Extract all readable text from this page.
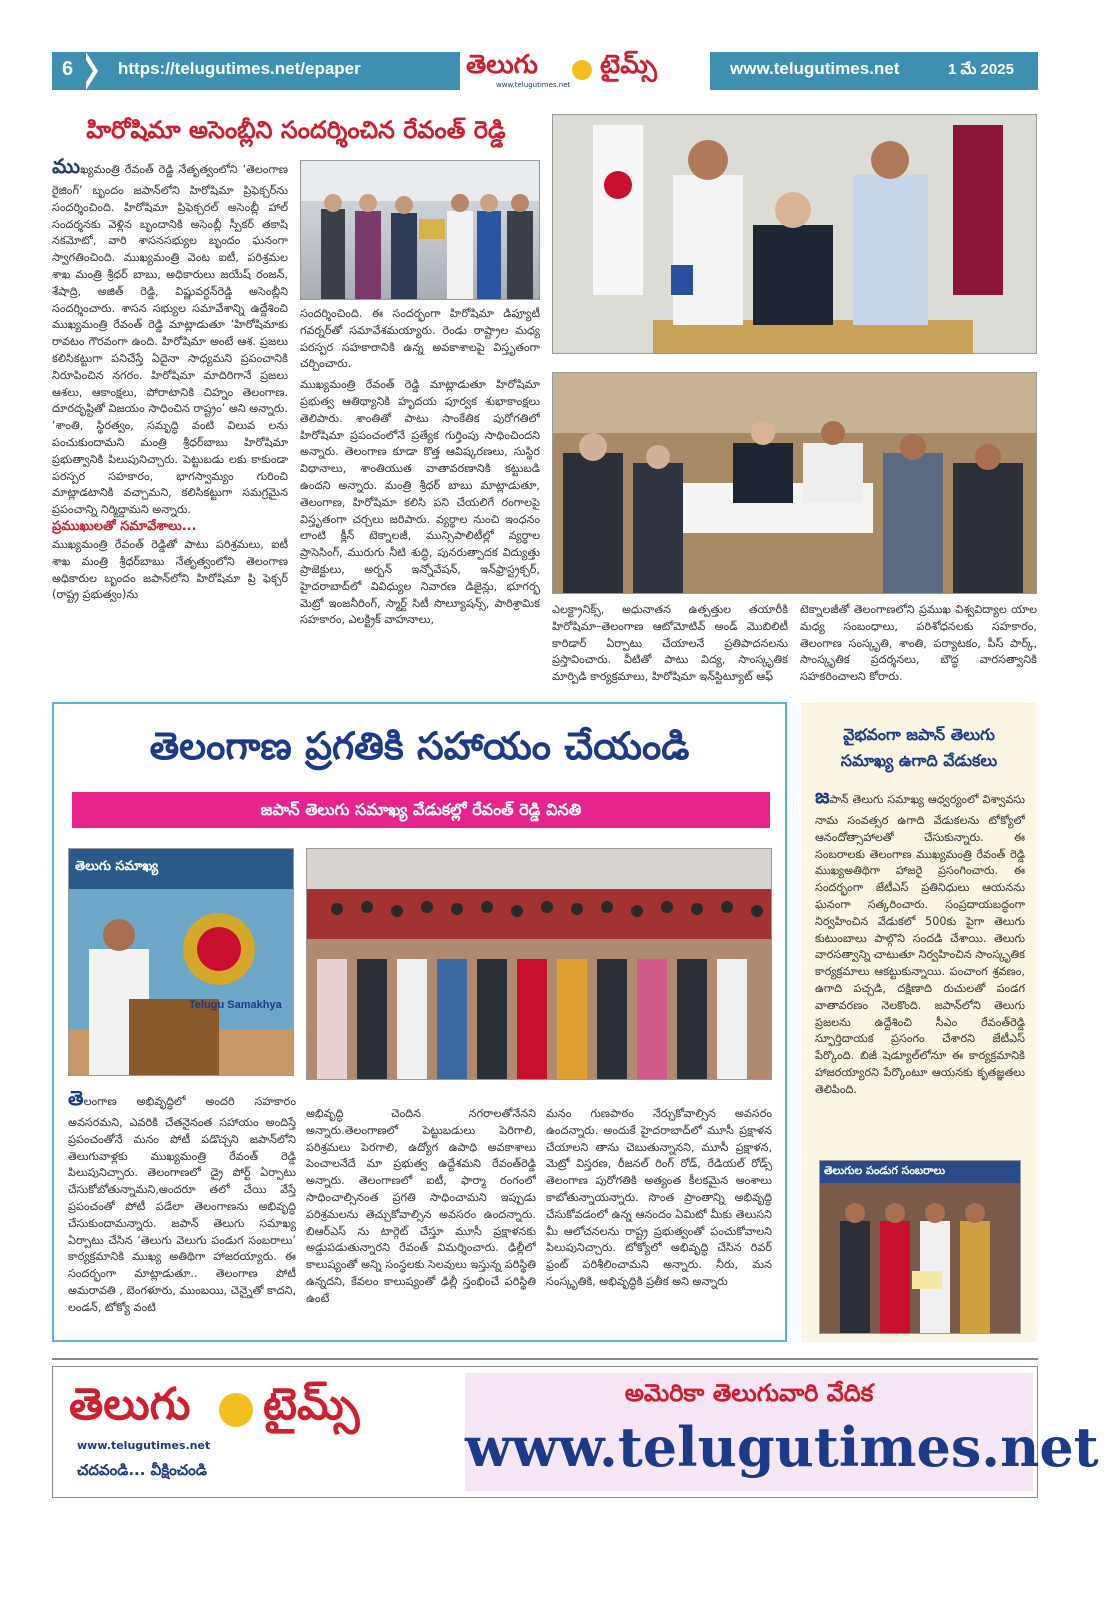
6	https://telugutimes.net/epaper	తెలుగు టైమ్స్
www.telugutimes.net
www.telugutimes.net	1 మే 2025
హిరోషిమా అసెంబ్లీని సందర్శించిన రేవంత్‌ రెడ్డి

ముఖ్యమంత్రి రేవంత్‌ రెడ్డి నేతృత్వంలోని ‘తెలంగాణ రైజింగ్‌’ బృందం జపాన్‌లోని హిరోషిమా ప్రిఫెక్చర్‌ను సందర్శించింది. హిరోషిమా ప్రిఫెక్చరల్‌ అసెంబ్లీ హాల్‌ సందర్శనకు వెళ్లిన బృందానికి అసెంబ్లీ స్పీకర్‌ తకాషి నకమోటో, వారి శాసనసభ్యుల బృందం ఘనంగా స్వాగతించింది. ముఖ్యమంత్రి వెంట ఐటీ, పరిశ్రమల శాఖ మంత్రి శ్రీధర్‌ బాబు, అధికారులు జయేష్‌ రంజన్‌, శేషాద్రి, అజిత్‌ రెడ్డి, విష్ణువర్ధన్‌రెడ్డి అసెంబ్లీని సందర్శించారు. శాసన సభ్యుల సమావేశాన్ని ఉద్దేశించి ముఖ్యమంత్రి రేవంత్‌ రెడ్డి మాట్లాడుతూ ‘హిరోషిమాకు రావటం గౌరవంగా ఉంది. హిరోషిమా అంటే ఆశ. ప్రజలు కలిసికట్టుగా పనిచేస్తే ఏదైనా సాధ్యమని ప్రపంచానికి నిరూపించిన నగరం. హిరోషిమా మాదిరిగానే ప్రజలు ఆశలు, ఆకాంక్షలు, పోరాటానికి చిహ్నం తెలంగాణ. దూరదృష్టితో విజయం సాధించిన రాష్ట్రం’ అని అన్నారు. ‘శాంతి, స్థిరత్వం, సమృద్ధి వంటి విలువ లను పంచుకుందామని మంత్రి శ్రీధర్‌బాబు హిరోషిమా ప్రభుత్వానికి పిలుపునిచ్చారు. పెట్టుబడు లకు కాకుండా పరస్పర సహకారం, భాగస్వామ్యం గురించి మాట్లాడటానికి వచ్చామని, కలిసికట్టుగా సమగ్రమైన ప్రపంచాన్ని నిర్మిద్దామని అన్నారు.

ప్రముఖులతో సమావేశాలు...

ముఖ్యమంత్రి రేవంత్‌ రెడ్డితో పాటు పరిశ్రమలు, ఐటీ శాఖ మంత్రి శ్రీధర్‌బాబు నేతృత్వంలోని తెలంగాణ అధికారుల బృందం జపాన్‌లోని హిరోషిమా ప్రి ఫెక్చర్‌ (రాష్ట్ర ప్రభుత్వం)ను

సందర్శించింది. ఈ సందర్భంగా హిరోషిమా డిప్యూటీ గవర్నర్‌తో సమావేశమయ్యారు. రెండు రాష్ట్రాల మధ్య పరస్పర సహకారానికి ఉన్న అవకాశాలపై విస్తృతంగా చర్చించారు.

ముఖ్యమంత్రి రేవంత్‌ రెడ్డి మాట్లాడుతూ హిరోషిమా ప్రభుత్వ ఆతిథ్యానికి హృదయ పూర్వక శుభాకాంక్షలు తెలిపారు. శాంతితో పాటు సాంకేతిక పురోగతిలో హిరోషిమా ప్రపంచంలోనే ప్రత్యేక గుర్తింపు సాధించిందని అన్నారు. తెలంగాణ కూడా కొత్త ఆవిష్కరణలు, సుస్థిర విధానాలు, శాంతియుత వాతావరణానికి కట్టుబడి ఉందని అన్నారు. మంత్రి శ్రీధర్‌ బాబు మాట్లాడుతూ, తెలంగాణ, హిరోషిమా కలిసి పని చేయలిగే రంగాలపై విస్తృతంగా చర్చలు జరిపారు. వ్యర్థాల నుంచి ఇంధనం లాంటి క్లీన్‌ టెక్నాలజీ, మున్సిపాలిటీల్లో వ్యర్థాల ప్రాసెసింగ్‌, మురుగు నీటి శుద్ధి, పునరుత్పాదక విద్యుత్తు ప్రాజెక్టులు, అర్బన్‌ ఇన్నోవేషన్‌, ఇన్‌ఫ్రాస్ట్రక్చర్‌, హైదరాబాద్‌లో వివిధ్యుల నివారణ డిజైన్లు, భూగర్భ మెట్రో ఇంజనీరింగ్‌, స్మార్ట్‌ సిటీ సొల్యూషన్స్‌, పారిశ్రామిక సహకారం, ఎలక్ట్రిక్‌ వాహనాలు,

ఎలక్ట్రానిక్స్‌, అధునాతన ఉత్పత్తుల తయారీకి హిరోషిమా–తెలంగాణ ఆటోమోటివ్‌ అండ్‌ మొబిలిటీ కారిడార్‌ ఏర్పాటు చేయాలనే ప్రతిపాదనలను ప్రస్తావించారు. వీటితో పాటు విద్య, సాంస్కృతిక మార్పిడి కార్యక్రమాలు, హిరోషిమా ఇన్‌స్టిట్యూట్‌ ఆఫ్‌

టెక్నాలజీతో తెలంగాణలోని ప్రముఖ విశ్వవిద్యాల యాల మధ్య సంబంధాలు, పరిశోధనలకు సహకారం, తెలంగాణ సంస్కృతి, శాంతి, పర్యాటకం, పీస్‌ పార్క్‌, సాంస్కృతిక ప్రదర్శనలు, బౌద్ధ వారసత్వానికి సహకరించాలని కోరారు.

తెలంగాణ ప్రగతికి సహాయం చేయండి
జపాన్‌ తెలుగు సమాఖ్య వేడుకల్లో రేవంత్‌ రెడ్డి వినతి
తెలుగు సమాఖ్య
Telugu Samakhya

తెలంగాణ అభివృద్ధిలో అందరి సహకారం అవసరమని, ఎవరికి చేతనైనంత సహాయం అందిస్తే ప్రపంచంతోనే మనం పోటీ పడొచ్చని జపాన్‌లోని తెలుగువాళ్లకు ముఖ్యమంత్రి రేవంత్‌ రెడ్డి పిలుపునిచ్చారు. తెలంగాణలో డ్రై పోర్ట్‌ ఏర్పాటు చేసుకోబోతున్నామని,అందరూ తలో చేయి వేస్తే ప్రపంచంతో పోటీ పడేలా తెలంగాణను అభివృద్ధి చేసుకుందామన్నారు. జపాన్‌ తెలుగు సమాఖ్య ఏర్పాటు చేసిన ‘తెలుగు వెలుగు పండుగ సంబరాలు’ కార్యక్రమానికి ముఖ్య అతిథిగా హాజరయ్యారు. ఈ సందర్భంగా మాట్లాడుతూ.. తెలంగాణ పోటీ అమరావతి , బెంగళూరు, ముంబయి, చెన్నైతో కాదని, లండన్‌, టోక్యో వంటి

అభివృద్ధి చెందిన నగరాలతోనేనని అన్నారు.తెలంగాణలో పెట్టుబడులు పెరిగాలి, పరిశ్రమలు పెరగాలి, ఉద్యోగ ఉపాధి అవకాశాలు పెంచాలనేదే మా ప్రభుత్వ ఉద్దేశమని రేవంత్‌రెడ్డి అన్నారు. తెలంగాణలో ఐటీ, ఫార్మా రంగంలో సాధించాల్సినంత ప్రగతి సాధించామని ఇప్పుడు పరిశ్రమలను తెచ్చుకోవాల్సిన అవసరం ఉందన్నారు. బిఆర్‌ఎస్‌ ను టార్గెట్‌ చేస్తూ మూసీ ప్రక్షాళనకు అడ్డుపడుతున్నారని రేవంత్‌ విమర్శించారు. ఢిల్లీలో కాలుష్యంతో అన్ని సంస్థలకు సెలవులు ఇస్తున్న పరిస్థితి ఉన్నదని, కేవలం కాలుష్యంతో ఢిల్లీ స్తంభించే పరిస్థితి ఉంటే

మనం గుణపాఠం నేర్చుకోవాల్సిన అవసరం ఉందన్నారు. అందుకే హైదరాబాద్‌లో మూసీ ప్రక్షాళన చేయాలని తాను చెబుతున్నానని, మూసీ ప్రక్షాళన, మెట్రో విస్తరణ, రీజనల్‌ రింగ్‌ రోడ్‌, రేడియల్‌ రోడ్స్‌ తెలంగాణ పురోగతికి అత్యంత కీలకమైన అంశాలు కాబోతున్నాయన్నారు. సొంత ప్రాంతాన్ని అభివృద్ధి చేసుకోవడంలో ఉన్న ఆనందం ఏమిటో మీకు తెలుసని మీ ఆలోచనలను రాష్ట్ర ప్రభుత్వంతో పంచుకోవాలని పిలుపునిచ్చారు. టోక్యోలో అభివృద్ధి చేసిన రివర్‌ ఫ్రంట్‌ పరిశీలించామని అన్నారు. నీరు, మన సంస్కృతికి, అభివృద్ధికి ప్రతీక అని అన్నారు

వైభవంగా జపాన్‌ తెలుగు
సమాఖ్య ఉగాది వేడుకలు

జపాన్‌ తెలుగు సమాఖ్య ఆధ్వర్యంలో విశ్వావసు నామ సంవత్సర ఉగాది వేడుకలను టోక్యోలో ఆనందోత్సాహాలతో చేసుకున్నారు. ఈ సంబరాలకు తెలంగాణ ముఖ్యమంత్రి రేవంత్‌ రెడ్డి ముఖ్యఅతిథిగా హాజరై ప్రసంగించారు. ఈ సందర్భంగా జేటీఎస్‌ ప్రతినిధులు ఆయనను ఘనంగా సత్కరించారు. సంప్రదాయబద్ధంగా నిర్వహించిన వేడుకలో 500కు పైగా తెలుగు కుటుంబాలు పాల్గొని సందడి చేశాయి. తెలుగు వారసత్వాన్ని చాటుతూ నిర్వహించిన సాంస్కృతిక కార్యక్రమాలు ఆకట్టుకున్నాయి. పంచాంగ శ్రవణం, ఉగాది పచ్చడి, దక్షిణాది రుచులతో పండగ వాతావరణం నెలకొంది. జపాన్‌లోని తెలుగు ప్రజలను ఉద్దేశించి సీఎం రేవంత్‌రెడ్డి స్ఫూర్తిదాయక ప్రసంగం చేశారని జేటీఎస్‌ పేర్కొంది. బిజీ షెడ్యూల్‌లోనూ ఈ కార్యక్రమానికి హాజరయ్యారని పేర్కొంటూ ఆయనకు కృతజ్ఞతలు తెలిపింది.

తెలుగుల పండుగ సంబరాలు
తెలుగు టైమ్స్
www.telugutimes.net
చదవండి... వీక్షించండి
అమెరికా తెలుగువారి వేదిక
www.telugutimes.net
